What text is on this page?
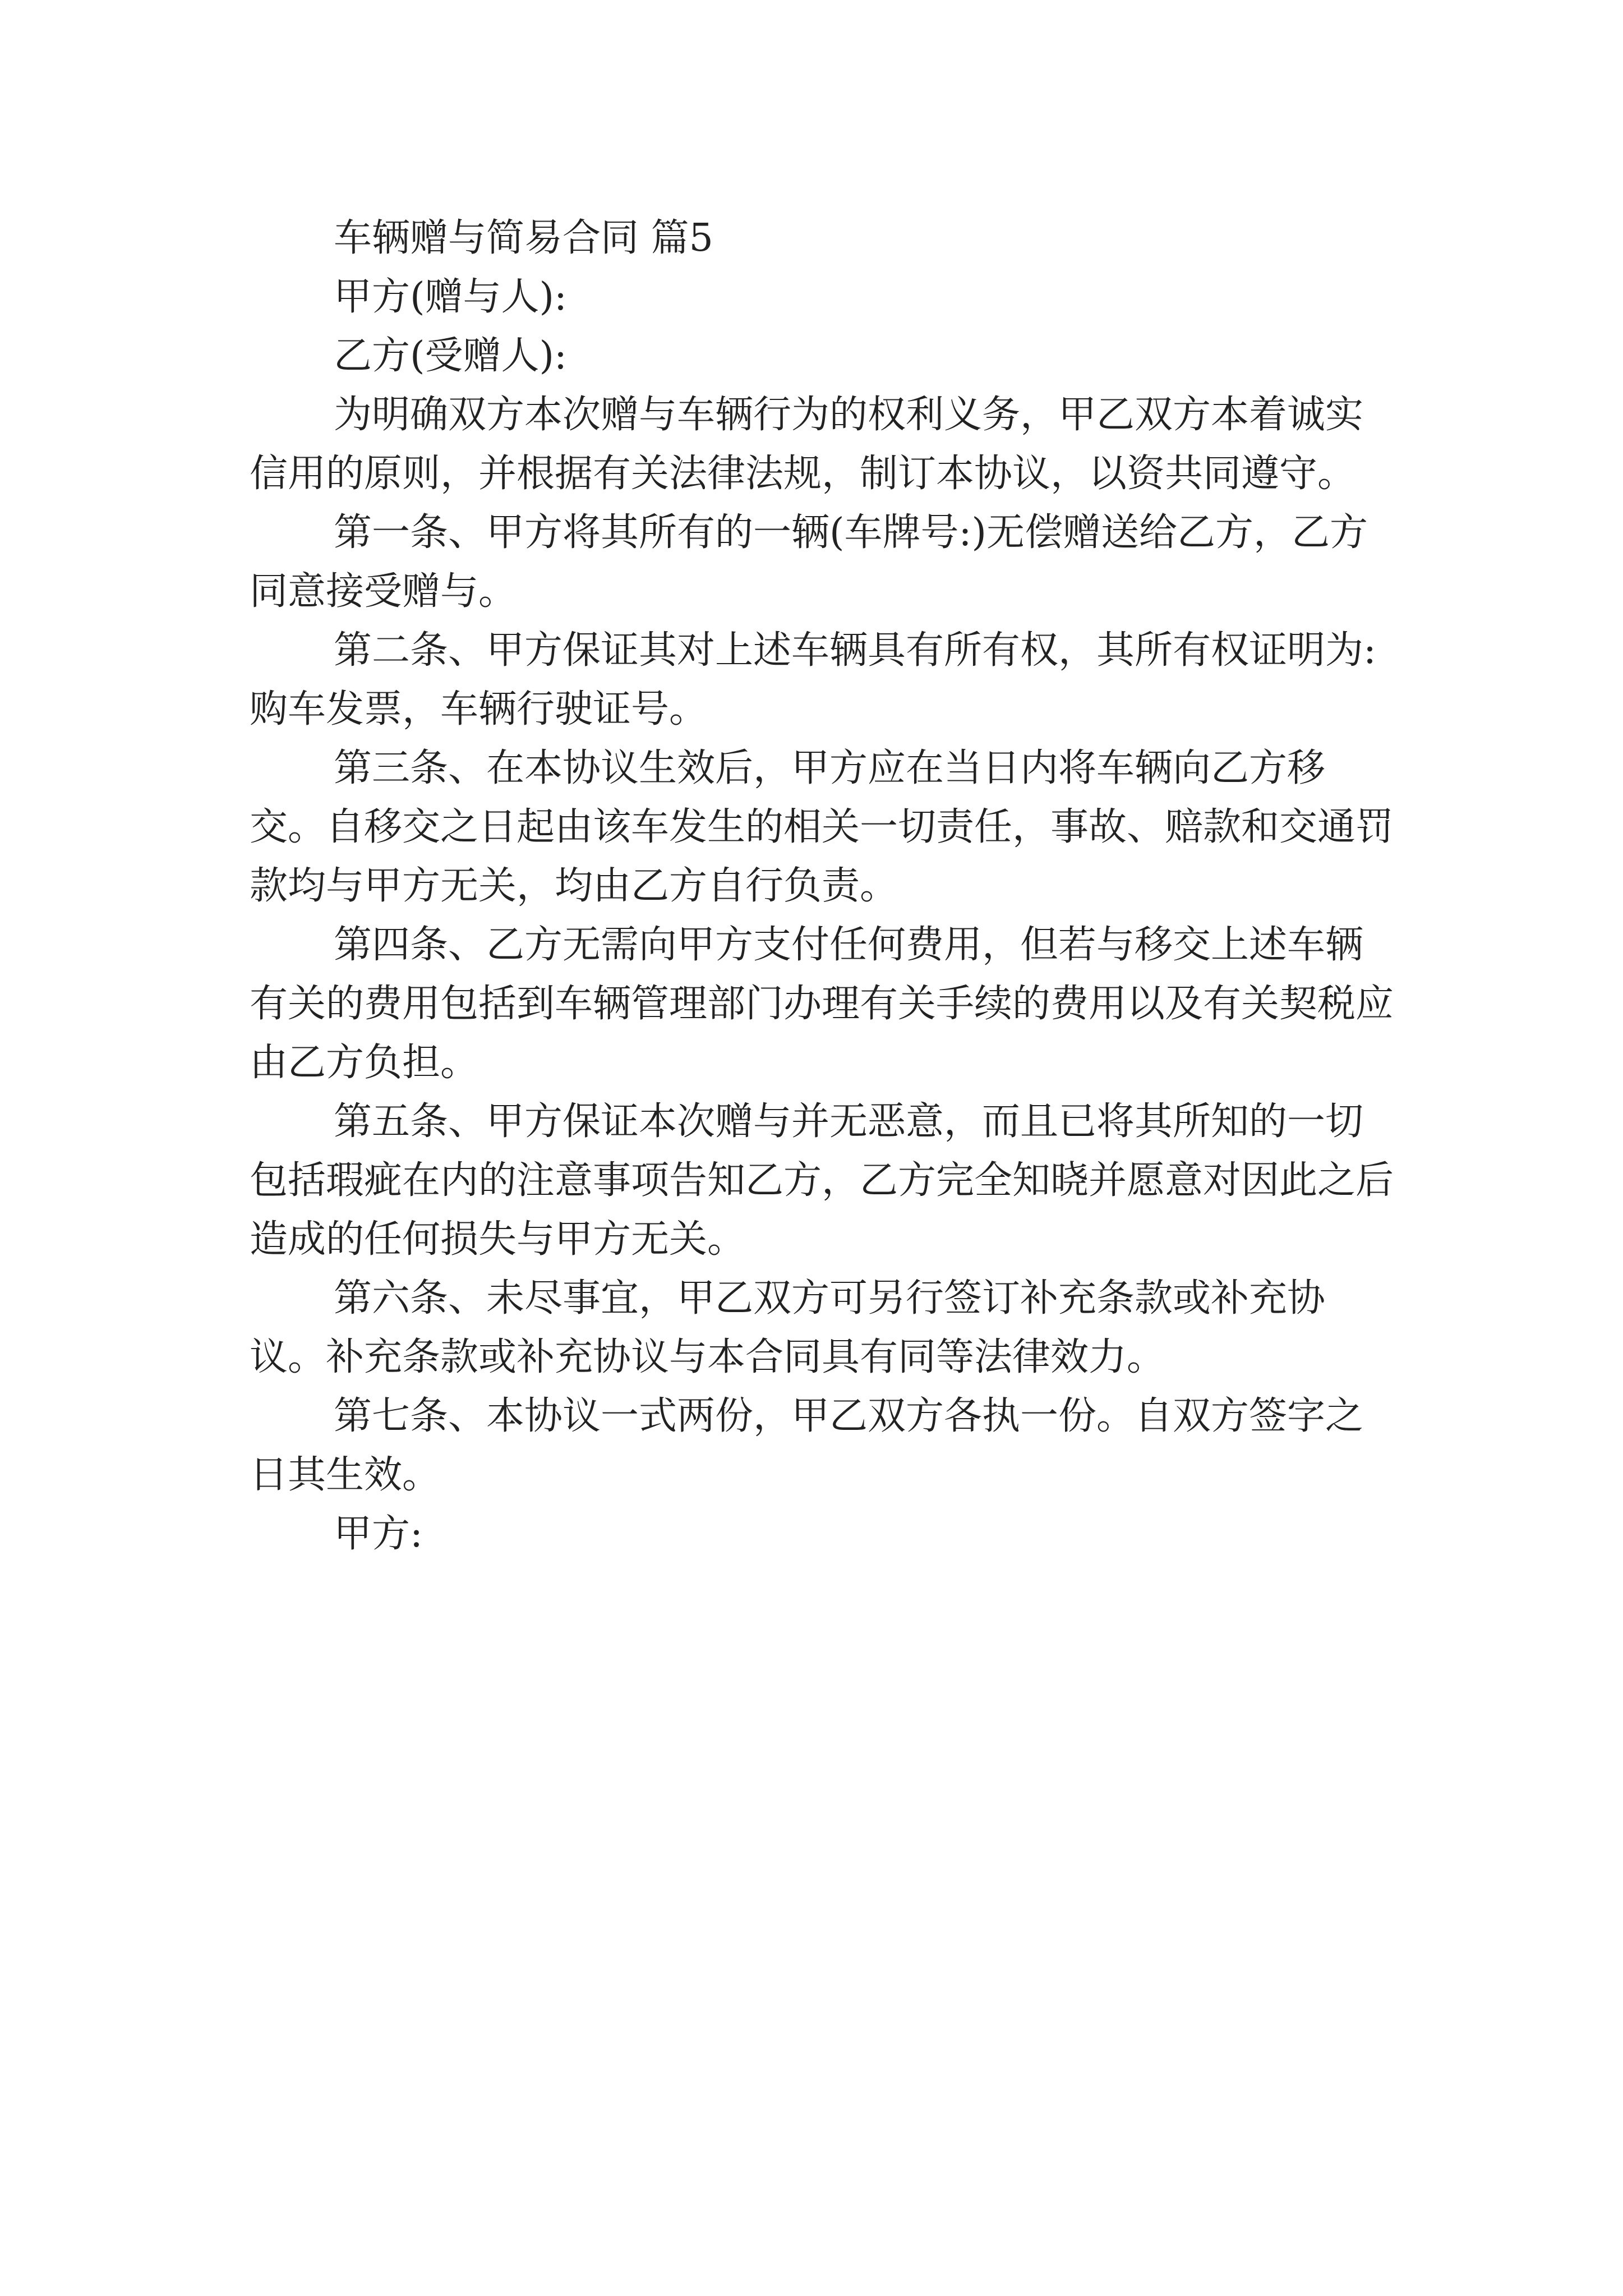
车辆赠与简易合同 篇5

甲方(赠与人):

乙方(受赠人):

为明确双方本次赠与车辆行为的权利义务，甲乙双方本着诚实信用的原则，并根据有关法律法规，制订本协议，以资共同遵守。

第一条、甲方将其所有的一辆(车牌号:)无偿赠送给乙方，乙方同意接受赠与。

第二条、甲方保证其对上述车辆具有所有权，其所有权证明为:购车发票，车辆行驶证号。

第三条、在本协议生效后，甲方应在当日内将车辆向乙方移交。自移交之日起由该车发生的相关一切责任，事故、赔款和交通罚款均与甲方无关，均由乙方自行负责。

第四条、乙方无需向甲方支付任何费用，但若与移交上述车辆有关的费用包括到车辆管理部门办理有关手续的费用以及有关契税应由乙方负担。

第五条、甲方保证本次赠与并无恶意，而且已将其所知的一切包括瑕疵在内的注意事项告知乙方，乙方完全知晓并愿意对因此之后造成的任何损失与甲方无关。

第六条、未尽事宜，甲乙双方可另行签订补充条款或补充协议。补充条款或补充协议与本合同具有同等法律效力。

第七条、本协议一式两份，甲乙双方各执一份。自双方签字之日其生效。

甲方:
